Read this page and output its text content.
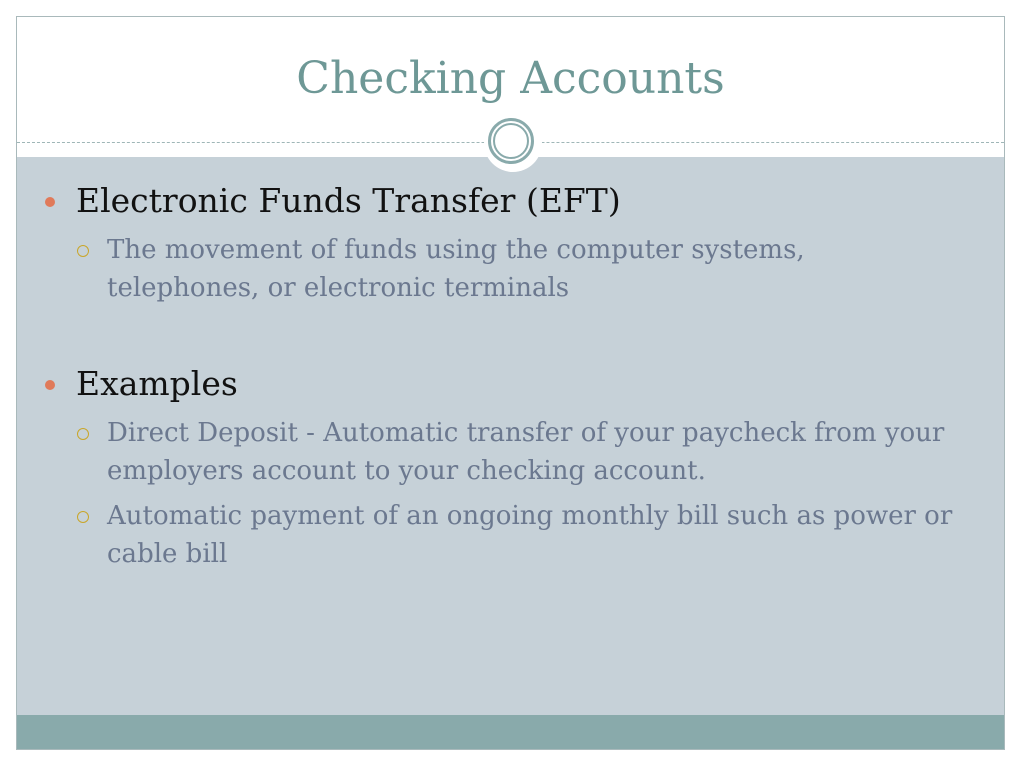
Checking Accounts
Electronic Funds Transfer (EFT)
The movement of funds using the computer systems, telephones, or electronic terminals
Examples
Direct Deposit - Automatic transfer of your paycheck from your employers account to your checking account.
Automatic payment of an ongoing monthly bill such as power or cable bill
